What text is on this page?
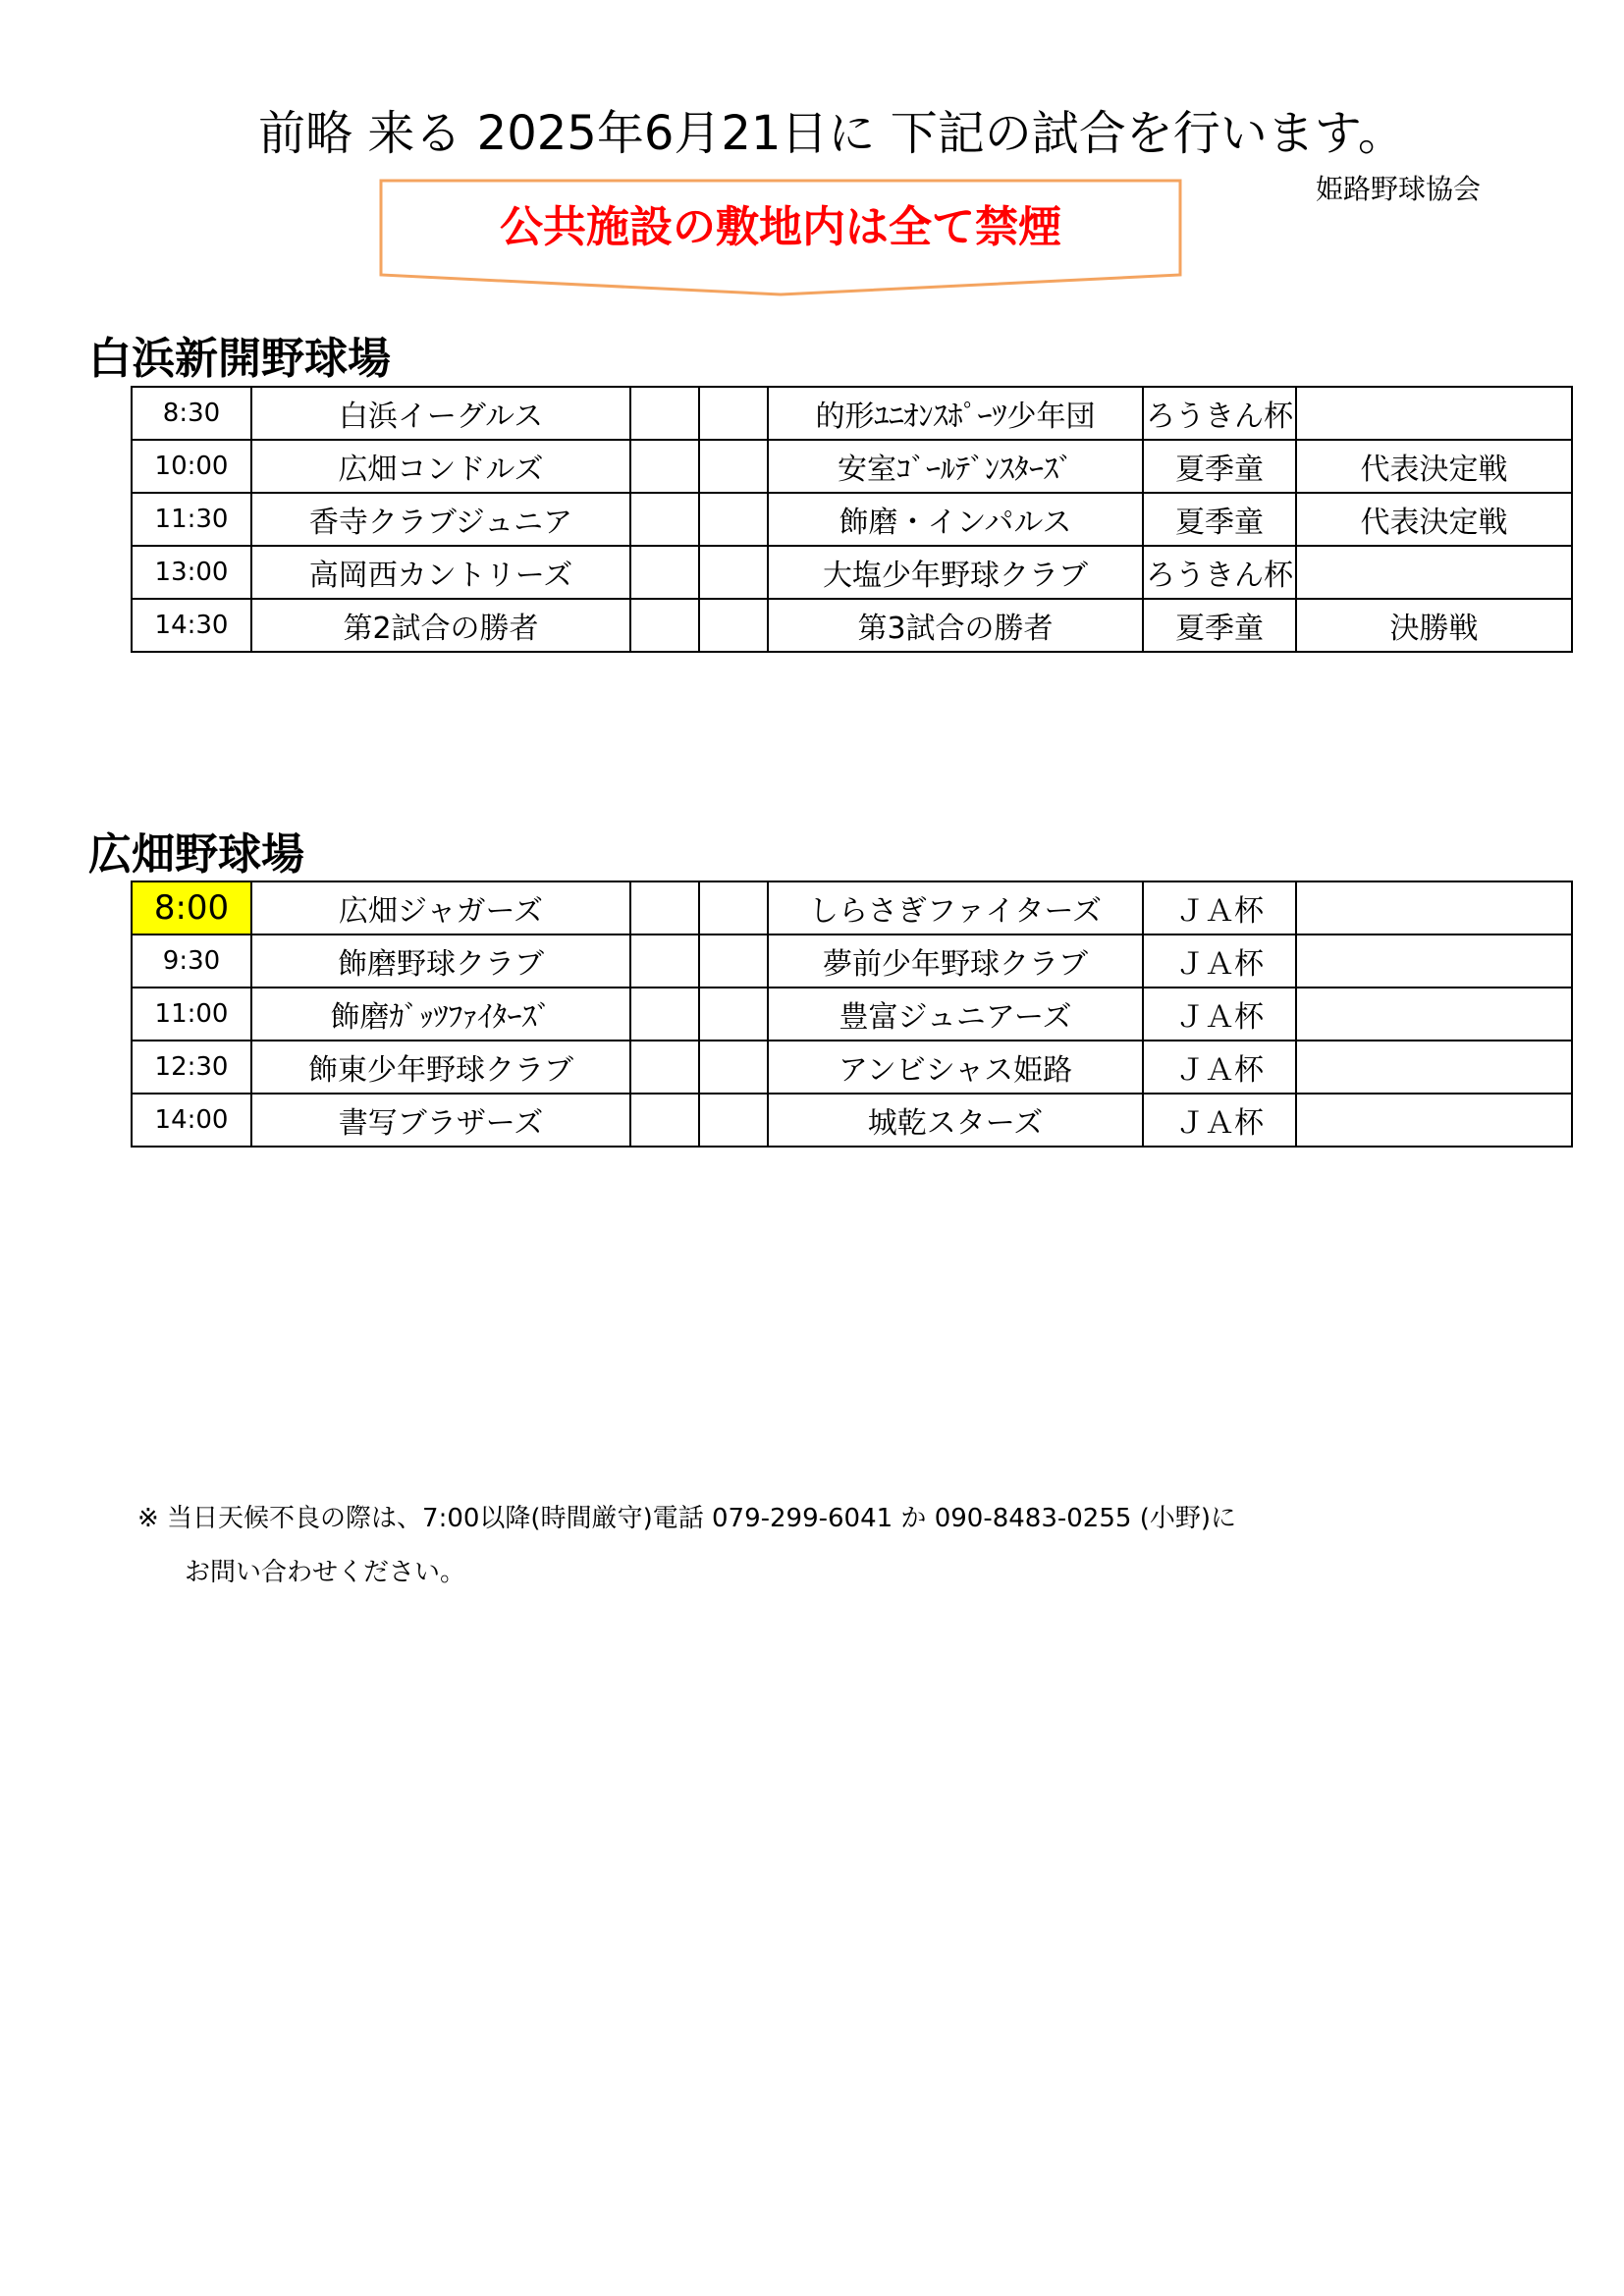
前略 来る 2025年6月21日に 下記の試合を行います。
姫路野球協会
公共施設の敷地内は全て禁煙
白浜新開野球場
8:30	白浜イーグルス			的形ﾕﾆｵﾝｽﾎﾟｰﾂ少年団	ろうきん杯	
10:00	広畑コンドルズ			安室ｺﾞｰﾙﾃﾞﾝｽﾀｰｽﾞ	夏季童	代表決定戦
11:30	香寺クラブジュニア			飾磨・インパルス	夏季童	代表決定戦
13:00	高岡西カントリーズ			大塩少年野球クラブ	ろうきん杯	
14:30	第2試合の勝者			第3試合の勝者	夏季童	決勝戦
広畑野球場
8:00	広畑ジャガーズ			しらさぎファイターズ	ＪＡ杯	
9:30	飾磨野球クラブ			夢前少年野球クラブ	ＪＡ杯	
11:00	飾磨ｶﾞｯﾂﾌｧｲﾀｰｽﾞ			豊富ジュニアーズ	ＪＡ杯	
12:30	飾東少年野球クラブ			アンビシャス姫路	ＪＡ杯	
14:00	書写ブラザーズ			城乾スターズ	ＪＡ杯	
※ 当日天候不良の際は、7:00以降(時間厳守)電話 079-299-6041 か 090-8483-0255 (小野)に
お問い合わせください。
